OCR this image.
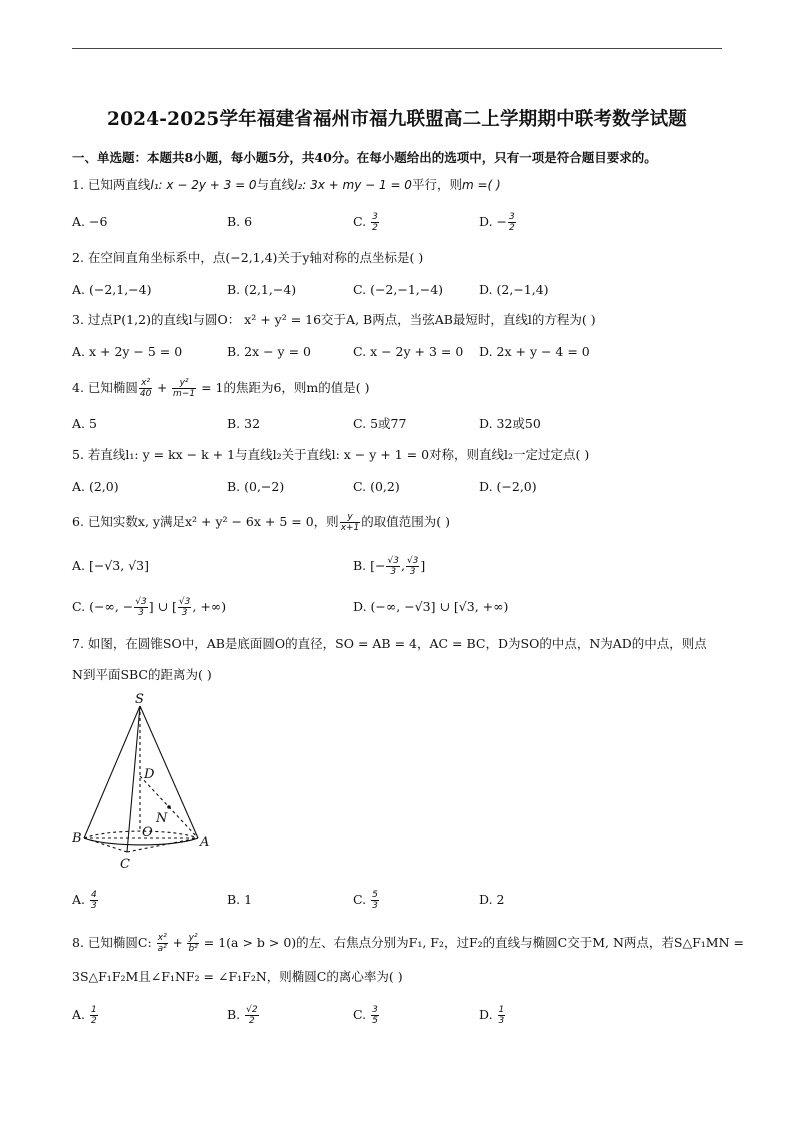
2024-2025学年福建省福州市福九联盟高二上学期期中联考数学试题
一、单选题：本题共8小题，每小题5分，共40分。在每小题给出的选项中，只有一项是符合题目要求的。
1. 已知两直线l₁: x − 2y + 3 = 0与直线l₂: 3x + my − 1 = 0平行，则m =( )
A. −6	B. 6	C. $\frac{3}{2}$	D. − $\frac{3}{2}$
2. 在空间直角坐标系中，点(−2,1,4)关于y轴对称的点坐标是( )
A. (−2,1,−4)	B. (2,1,−4)	C. (−2,−1,−4)	D. (2,−1,4)
3. 过点P(1,2)的直线l与圆O： x² + y² = 16交于A, B两点，当弦AB最短时，直线l的方程为( )
A. x + 2y − 5 = 0	B. 2x − y = 0	C. x − 2y + 3 = 0 D. 2x + y − 4 = 0
4. 已知椭圆 $\frac{\text{x²}}{40} + \frac{\text{y²}}{m-1} = 1$的焦距为6，则m的值是( )
A. 5	B. 32	C. 5或77	D. 32或50
5. 若直线l₁: y = kx − k + 1与直线l₂关于直线l: x − y + 1 = 0对称，则直线l₂一定过定点( )
A. (2,0)	B. (0,−2)	C. (0,2)	D. (−2,0)
6. 已知实数x, y满足x² + y² − 6x + 5 = 0，则 $\frac{y}{x+1}$ 的取值范围为( )
A. [−√3, √3]	B. [− $\frac{√3}{3}$ , $\frac{√3}{3}$ ]
C. (−∞, − $\frac{√3}{3}$ ] ∪ [ $\frac{√3}{3}$ , +∞)	D. (−∞, −√3] ∪ [√3, +∞)
7. 如图，在圆锥SO中，AB是底面圆O的直径，SO = AB = 4，AC = BC，D为SO的中点，N为AD的中点，则点
N到平面SBC的距离为( )
S
D
N
O
B	A
C
A. $\frac{4}{3}$	B. 1	C. $\frac{5}{3}$	D. 2
8. 已知椭圆C: $\frac{\text{x²}}{\text{a²}} + \frac{\text{y²}}{\text{b²}} = 1(a > b > 0)$的左、右焦点分别为F₁, F₂，过F₂的直线与椭圆C交于M, N两点，若S△F₁MN =
3S△F₁F₂M且∠F₁NF₂ = ∠F₁F₂N，则椭圆C的离心率为( )
A. $\frac{1}{2}$	B. $\frac{√2}{2}$	C. $\frac{3}{5}$	D. $\frac{1}{3}$
